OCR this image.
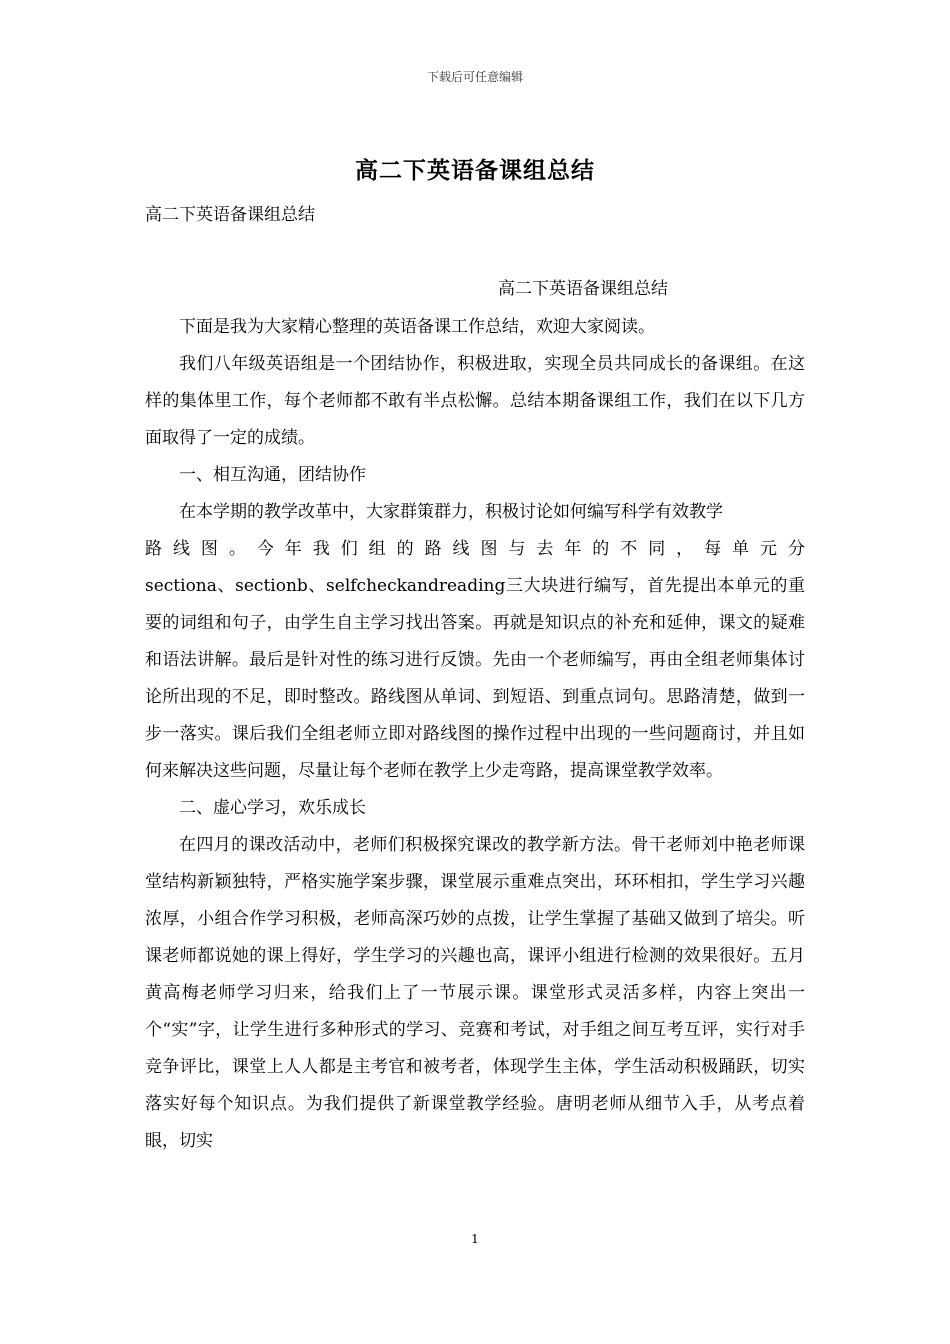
下载后可任意编辑
高二下英语备课组总结
高二下英语备课组总结
高二下英语备课组总结

下面是我为大家精心整理的英语备课工作总结，欢迎大家阅读。

我们八年级英语组是一个团结协作，积极进取，实现全员共同成长的备课组。在这样的集体里工作，每个老师都不敢有半点松懈。总结本期备课组工作，我们在以下几方面取得了一定的成绩。

一、相互沟通，团结协作

在本学期的教学改革中，大家群策群力，积极讨论如何编写科学有效教学

路线图。今年我们组的路线图与去年的不同，每单元分

sectiona、sectionb、selfcheckandreading三大块进行编写，首先提出本单元的重要的词组和句子，由学生自主学习找出答案。再就是知识点的补充和延伸，课文的疑难和语法讲解。最后是针对性的练习进行反馈。先由一个老师编写，再由全组老师集体讨论所出现的不足，即时整改。路线图从单词、到短语、到重点词句。思路清楚，做到一步一落实。课后我们全组老师立即对路线图的操作过程中出现的一些问题商讨，并且如何来解决这些问题，尽量让每个老师在教学上少走弯路，提高课堂教学效率。

二、虚心学习，欢乐成长

在四月的课改活动中，老师们积极探究课改的教学新方法。骨干老师刘中艳老师课堂结构新颖独特，严格实施学案步骤，课堂展示重难点突出，环环相扣，学生学习兴趣浓厚，小组合作学习积极，老师高深巧妙的点拨，让学生掌握了基础又做到了培尖。听课老师都说她的课上得好，学生学习的兴趣也高，课评小组进行检测的效果很好。五月黄高梅老师学习归来，给我们上了一节展示课。课堂形式灵活多样，内容上突出一个“实”字，让学生进行多种形式的学习、竞赛和考试，对手组之间互考互评，实行对手竞争评比，课堂上人人都是主考官和被考者，体现学生主体，学生活动积极踊跃，切实落实好每个知识点。为我们提供了新课堂教学经验。唐明老师从细节入手，从考点着眼，切实

1
